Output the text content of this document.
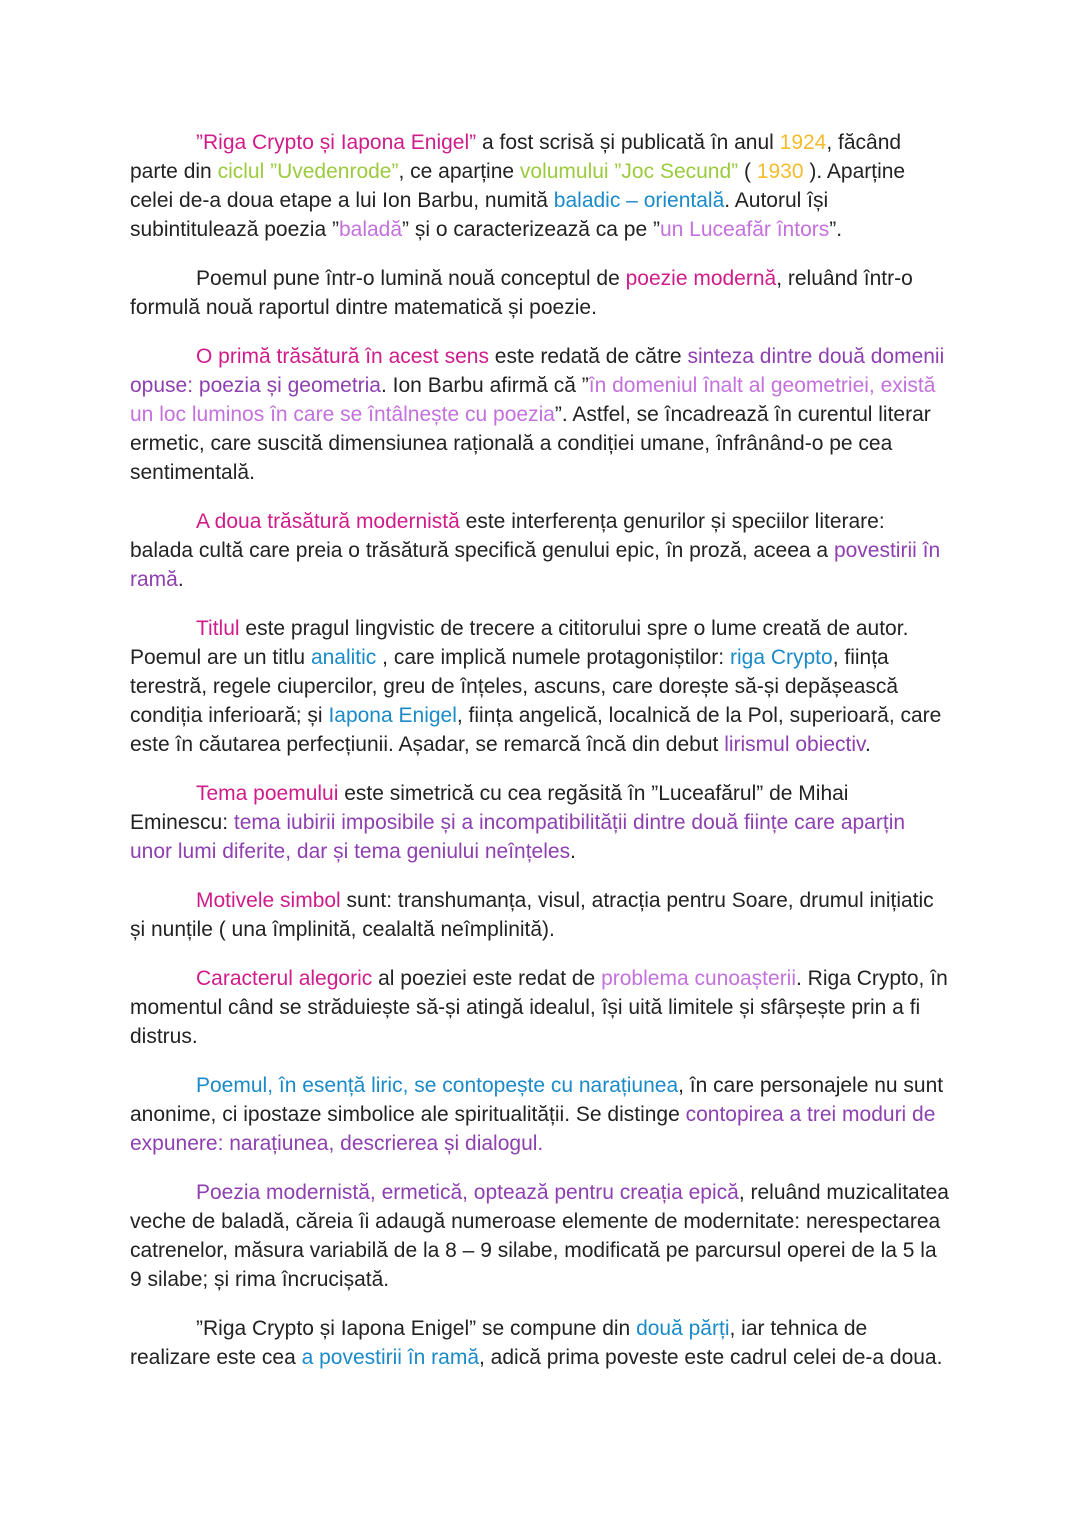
”Riga Crypto și Iapona Enigel” a fost scrisă și publicată în anul 1924, făcând parte din ciclul ”Uvedenrode”, ce aparține volumului ”Joc Secund” ( 1930 ). Aparține celei de-a doua etape a lui Ion Barbu, numită baladic – orientală. Autorul își subintitulează poezia ”baladă” și o caracterizează ca pe ”un Luceafăr întors”.

Poemul pune într-o lumină nouă conceptul de poezie modernă, reluând într-o formulă nouă raportul dintre matematică și poezie.

O primă trăsătură în acest sens este redată de către sinteza dintre două domenii opuse: poezia și geometria. Ion Barbu afirmă că ”în domeniul înalt al geometriei, există un loc luminos în care se întâlnește cu poezia”. Astfel, se încadrează în curentul literar ermetic, care suscită dimensiunea rațională a condiției umane, înfrânând-o pe cea sentimentală.

A doua trăsătură modernistă este interferența genurilor și speciilor literare: balada cultă care preia o trăsătură specifică genului epic, în proză, aceea a povestirii în ramă.

Titlul este pragul lingvistic de trecere a cititorului spre o lume creată de autor. Poemul are un titlu analitic , care implică numele protagoniștilor: riga Crypto, ființa terestră, regele ciupercilor, greu de înțeles, ascuns, care dorește să-și depășească condiția inferioară; și Iapona Enigel, ființa angelică, localnică de la Pol, superioară, care este în căutarea perfecțiunii. Așadar, se remarcă încă din debut lirismul obiectiv.

Tema poemului este simetrică cu cea regăsită în ”Luceafărul” de Mihai Eminescu: tema iubirii imposibile și a incompatibilității dintre două ființe care aparțin unor lumi diferite, dar și tema geniului neînțeles.

Motivele simbol sunt: transhumanța, visul, atracția pentru Soare, drumul inițiatic și nunțile ( una împlinită, cealaltă neîmplinită).

Caracterul alegoric al poeziei este redat de problema cunoașterii. Riga Crypto, în momentul când se străduiește să-și atingă idealul, își uită limitele și sfârșește prin a fi distrus.

Poemul, în esență liric, se contopește cu narațiunea, în care personajele nu sunt anonime, ci ipostaze simbolice ale spiritualității. Se distinge contopirea a trei moduri de expunere: narațiunea, descrierea și dialogul.

Poezia modernistă, ermetică, optează pentru creația epică, reluând muzicalitatea veche de baladă, căreia îi adaugă numeroase elemente de modernitate: nerespectarea catrenelor, măsura variabilă de la 8 – 9 silabe, modificată pe parcursul operei de la 5 la 9 silabe; și rima încrucișată.

”Riga Crypto și Iapona Enigel” se compune din două părți, iar tehnica de realizare este cea a povestirii în ramă, adică prima poveste este cadrul celei de-a doua.
